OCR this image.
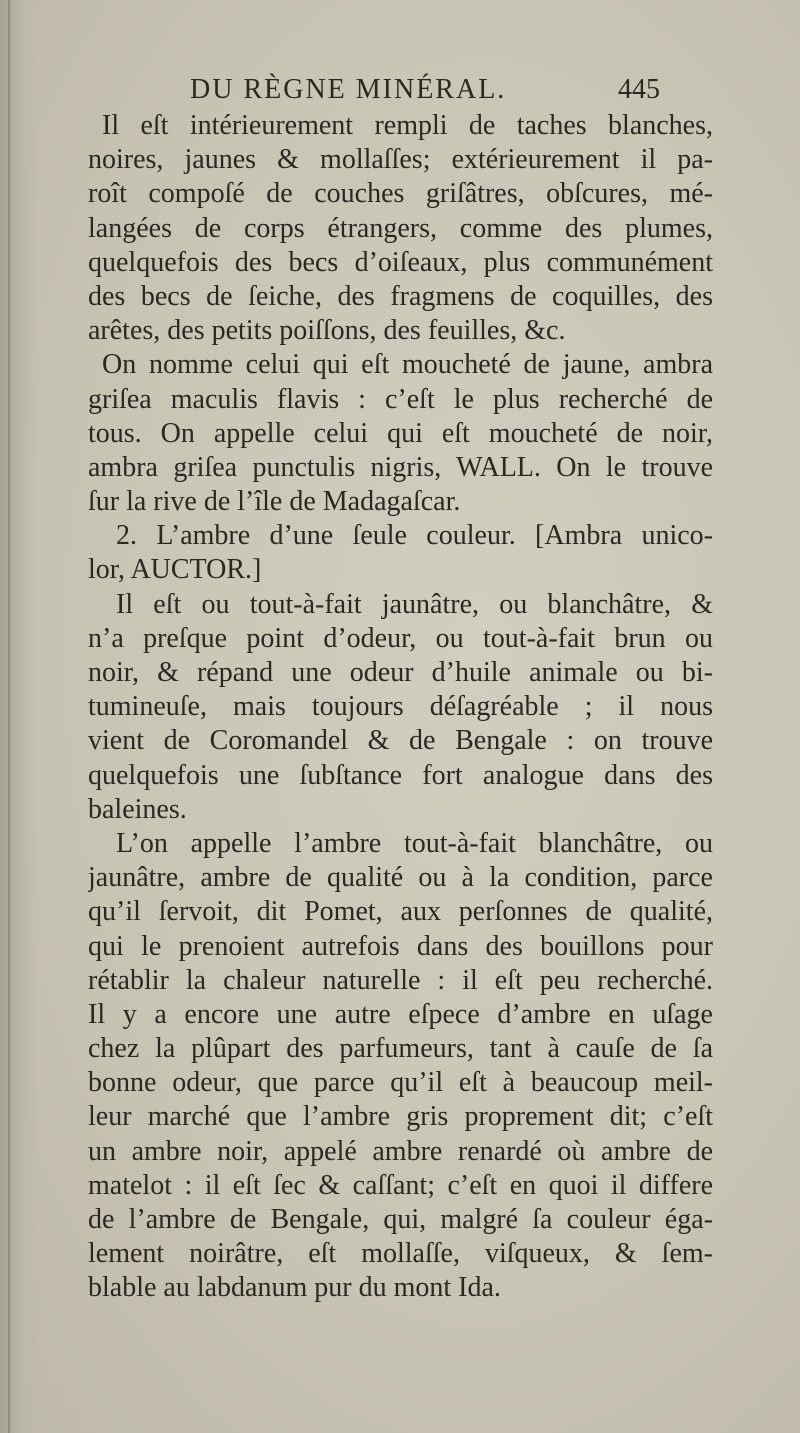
DU RÈGNE MINÉRAL.	445
Il eſt intérieurement rempli de taches blanches,
noires, jaunes & mollaſſes; extérieurement il pa-
roît compoſé de couches griſâtres, obſcures, mé-
langées de corps étrangers, comme des plumes,
quelquefois des becs d’oiſeaux, plus communément
des becs de ſeiche, des fragmens de coquilles, des
arêtes, des petits poiſſons, des feuilles, &c.
On nomme celui qui eſt moucheté de jaune, ambra
griſea maculis flavis : c’eſt le plus recherché de
tous. On appelle celui qui eſt moucheté de noir,
ambra griſea punctulis nigris, WALL. On le trouve
ſur la rive de l’île de Madagaſcar.
2. L’ambre d’une ſeule couleur. [Ambra unico-
lor, AUCTOR.]
Il eſt ou tout-à-fait jaunâtre, ou blanchâtre, &
n’a preſque point d’odeur, ou tout-à-fait brun ou
noir, & répand une odeur d’huile animale ou bi-
tumineuſe, mais toujours déſagréable ; il nous
vient de Coromandel & de Bengale : on trouve
quelquefois une ſubſtance fort analogue dans des
baleines.
L’on appelle l’ambre tout-à-fait blanchâtre, ou
jaunâtre, ambre de qualité ou à la condition, parce
qu’il ſervoit, dit Pomet, aux perſonnes de qualité,
qui le prenoient autrefois dans des bouillons pour
rétablir la chaleur naturelle : il eſt peu recherché.
Il y a encore une autre eſpece d’ambre en uſage
chez la plûpart des parfumeurs, tant à cauſe de ſa
bonne odeur, que parce qu’il eſt à beaucoup meil-
leur marché que l’ambre gris proprement dit; c’eſt
un ambre noir, appelé ambre renardé où ambre de
matelot : il eſt ſec & caſſant; c’eſt en quoi il differe
de l’ambre de Bengale, qui, malgré ſa couleur éga-
lement noirâtre, eſt mollaſſe, viſqueux, & ſem-
blable au labdanum pur du mont Ida.
